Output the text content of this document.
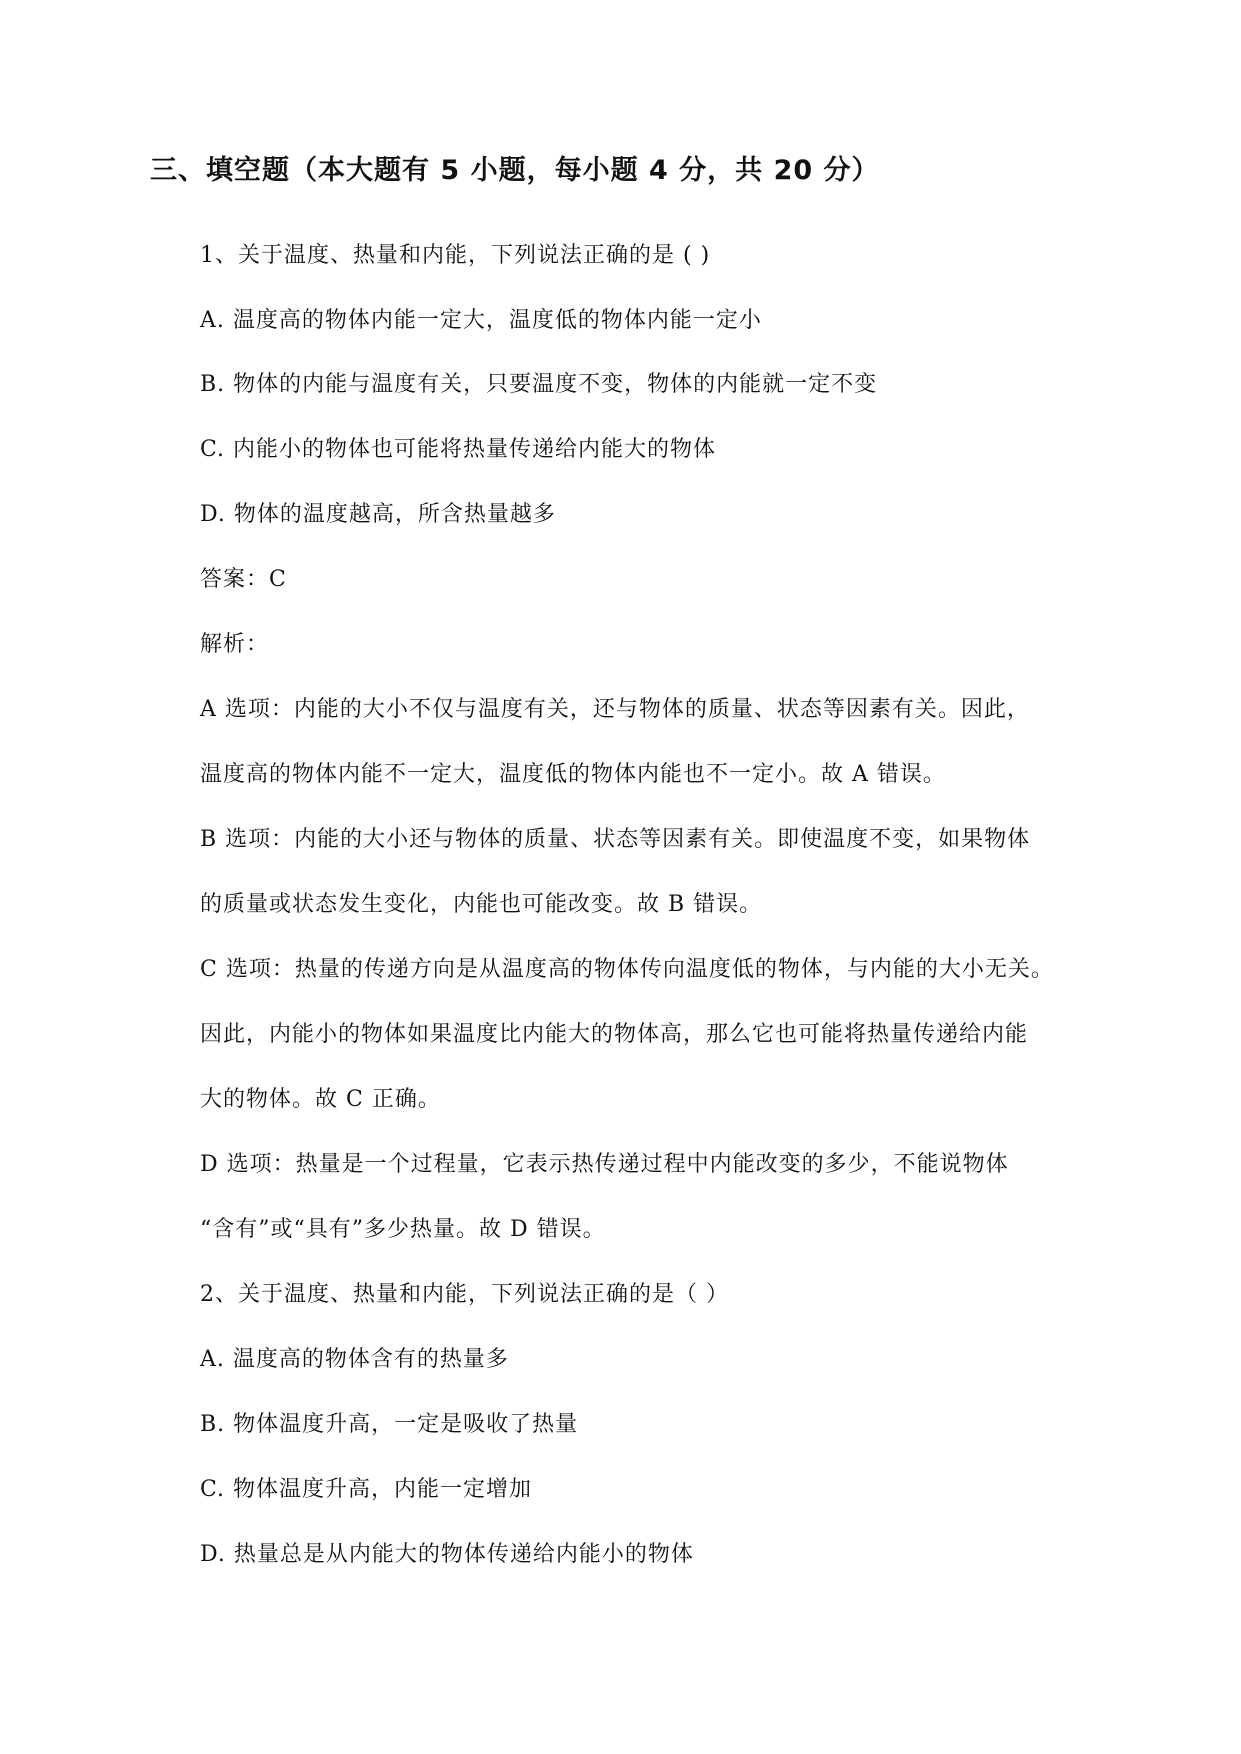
三、填空题（本大题有 5 小题，每小题 4 分，共 20 分）
1、关于温度、热量和内能，下列说法正确的是 ( )
A. 温度高的物体内能一定大，温度低的物体内能一定小
B. 物体的内能与温度有关，只要温度不变，物体的内能就一定不变
C. 内能小的物体也可能将热量传递给内能大的物体
D. 物体的温度越高，所含热量越多
答案：C
解析：
A 选项：内能的大小不仅与温度有关，还与物体的质量、状态等因素有关。因此，
温度高的物体内能不一定大，温度低的物体内能也不一定小。故 A 错误。
B 选项：内能的大小还与物体的质量、状态等因素有关。即使温度不变，如果物体
的质量或状态发生变化，内能也可能改变。故 B 错误。
C 选项：热量的传递方向是从温度高的物体传向温度低的物体，与内能的大小无关。
因此，内能小的物体如果温度比内能大的物体高，那么它也可能将热量传递给内能
大的物体。故 C 正确。
D 选项：热量是一个过程量，它表示热传递过程中内能改变的多少，不能说物体
“含有”或“具有”多少热量。故 D 错误。
2、关于温度、热量和内能，下列说法正确的是（ ）
A. 温度高的物体含有的热量多
B. 物体温度升高，一定是吸收了热量
C. 物体温度升高，内能一定增加
D. 热量总是从内能大的物体传递给内能小的物体
